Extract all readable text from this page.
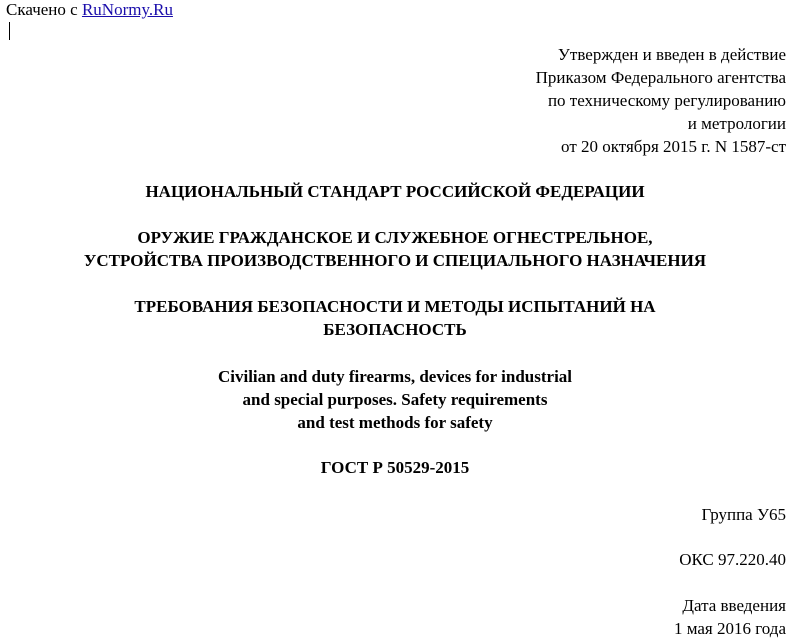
Скачено с RuNormy.Ru
Утвержден и введен в действие
Приказом Федерального агентства
по техническому регулированию
и метрологии
от 20 октября 2015 г. N 1587-ст
НАЦИОНАЛЬНЫЙ СТАНДАРТ РОССИЙСКОЙ ФЕДЕРАЦИИ
ОРУЖИЕ ГРАЖДАНСКОЕ И СЛУЖЕБНОЕ ОГНЕСТРЕЛЬНОЕ,
УСТРОЙСТВА ПРОИЗВОДСТВЕННОГО И СПЕЦИАЛЬНОГО НАЗНАЧЕНИЯ
ТРЕБОВАНИЯ БЕЗОПАСНОСТИ И МЕТОДЫ ИСПЫТАНИЙ НА
БЕЗОПАСНОСТЬ
Civilian and duty firearms, devices for industrial
and special purposes. Safety requirements
and test methods for safety
ГОСТ Р 50529-2015
Группа У65
ОКС 97.220.40
Дата введения
1 мая 2016 года
